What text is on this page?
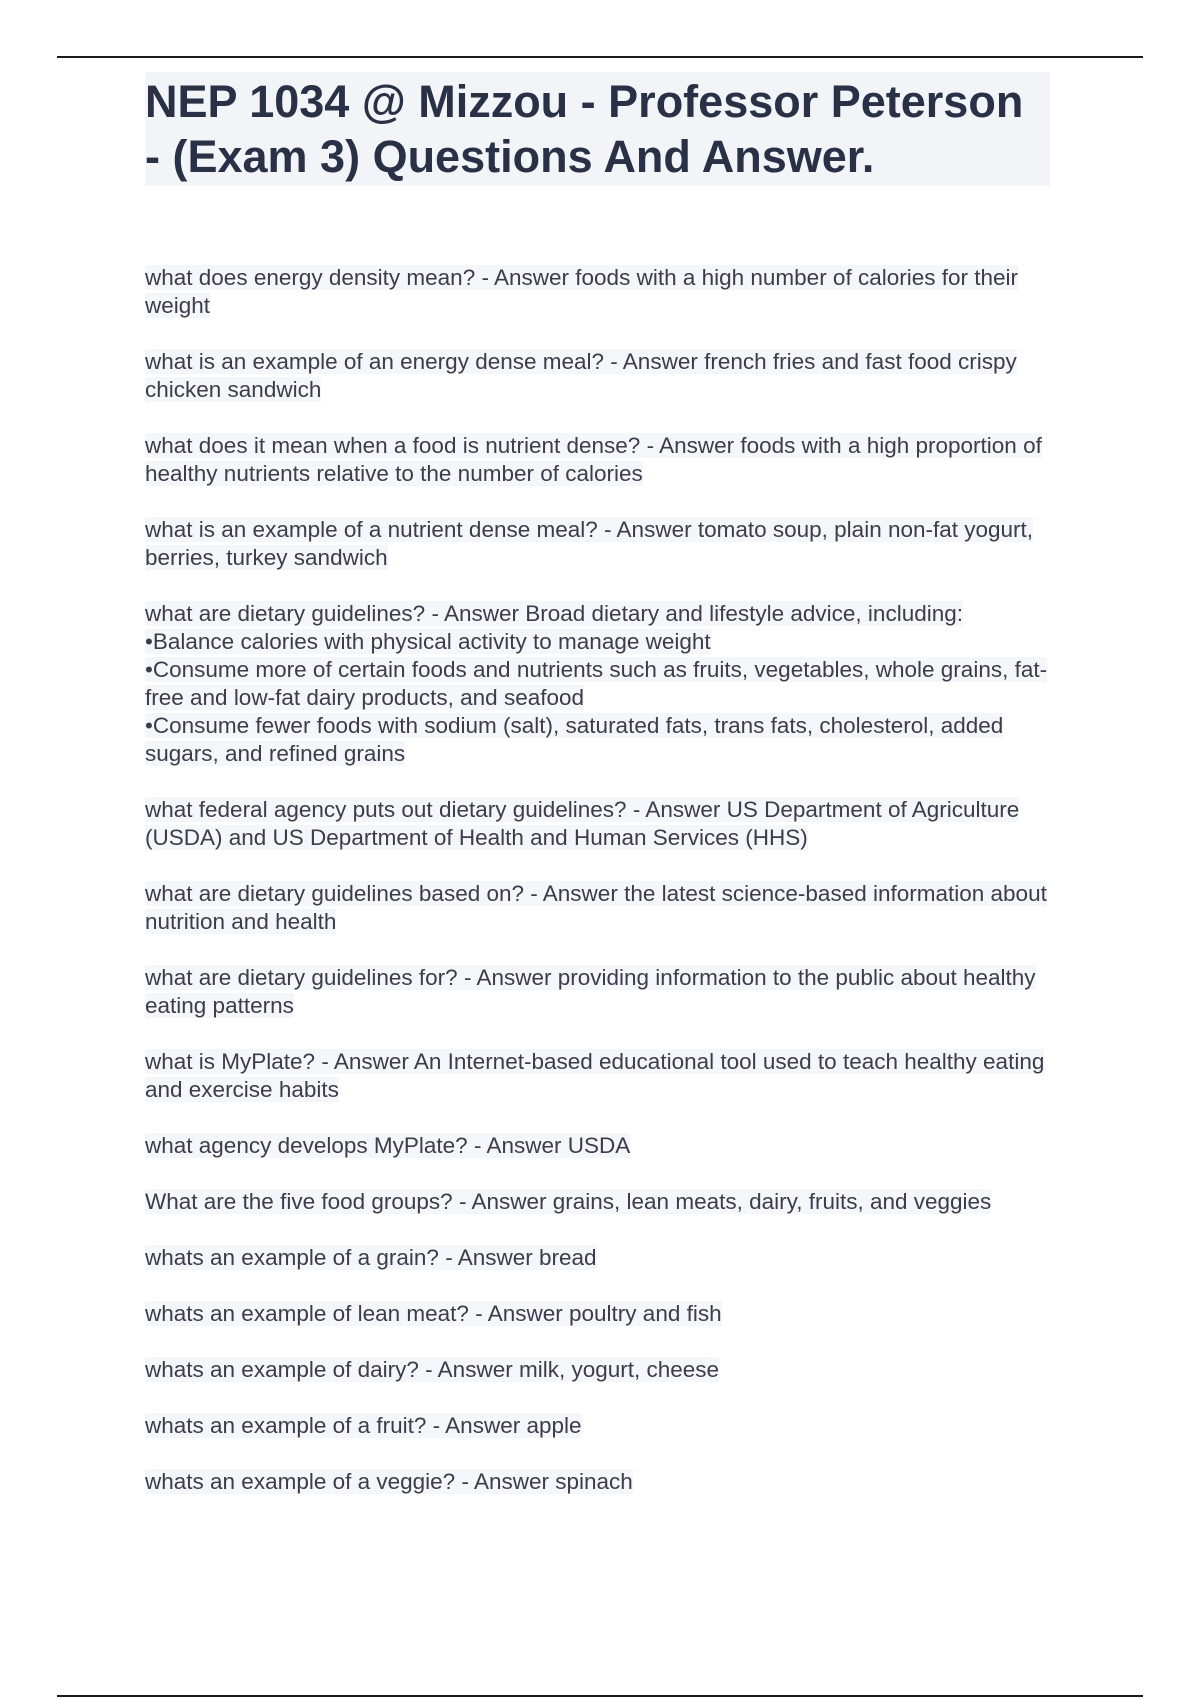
NEP 1034 @ Mizzou - Professor Peterson - (Exam 3) Questions And Answer.
what does energy density mean? - Answer foods with a high number of calories for their weight
what is an example of an energy dense meal? - Answer french fries and fast food crispy chicken sandwich
what does it mean when a food is nutrient dense? - Answer foods with a high proportion of healthy nutrients relative to the number of calories
what is an example of a nutrient dense meal? - Answer tomato soup, plain non-fat yogurt, berries, turkey sandwich
what are dietary guidelines? - Answer Broad dietary and lifestyle advice, including:
•Balance calories with physical activity to manage weight
•Consume more of certain foods and nutrients such as fruits, vegetables, whole grains, fat-free and low-fat dairy products, and seafood
•Consume fewer foods with sodium (salt), saturated fats, trans fats, cholesterol, added sugars, and refined grains
what federal agency puts out dietary guidelines? - Answer US Department of Agriculture (USDA) and US Department of Health and Human Services (HHS)
what are dietary guidelines based on? - Answer the latest science-based information about nutrition and health
what are dietary guidelines for? - Answer providing information to the public about healthy eating patterns
what is MyPlate? - Answer An Internet-based educational tool used to teach healthy eating and exercise habits
what agency develops MyPlate? - Answer USDA
What are the five food groups? - Answer grains, lean meats, dairy, fruits, and veggies
whats an example of a grain? - Answer bread
whats an example of lean meat? - Answer poultry and fish
whats an example of dairy? - Answer milk, yogurt, cheese
whats an example of a fruit? - Answer apple
whats an example of a veggie? - Answer spinach
